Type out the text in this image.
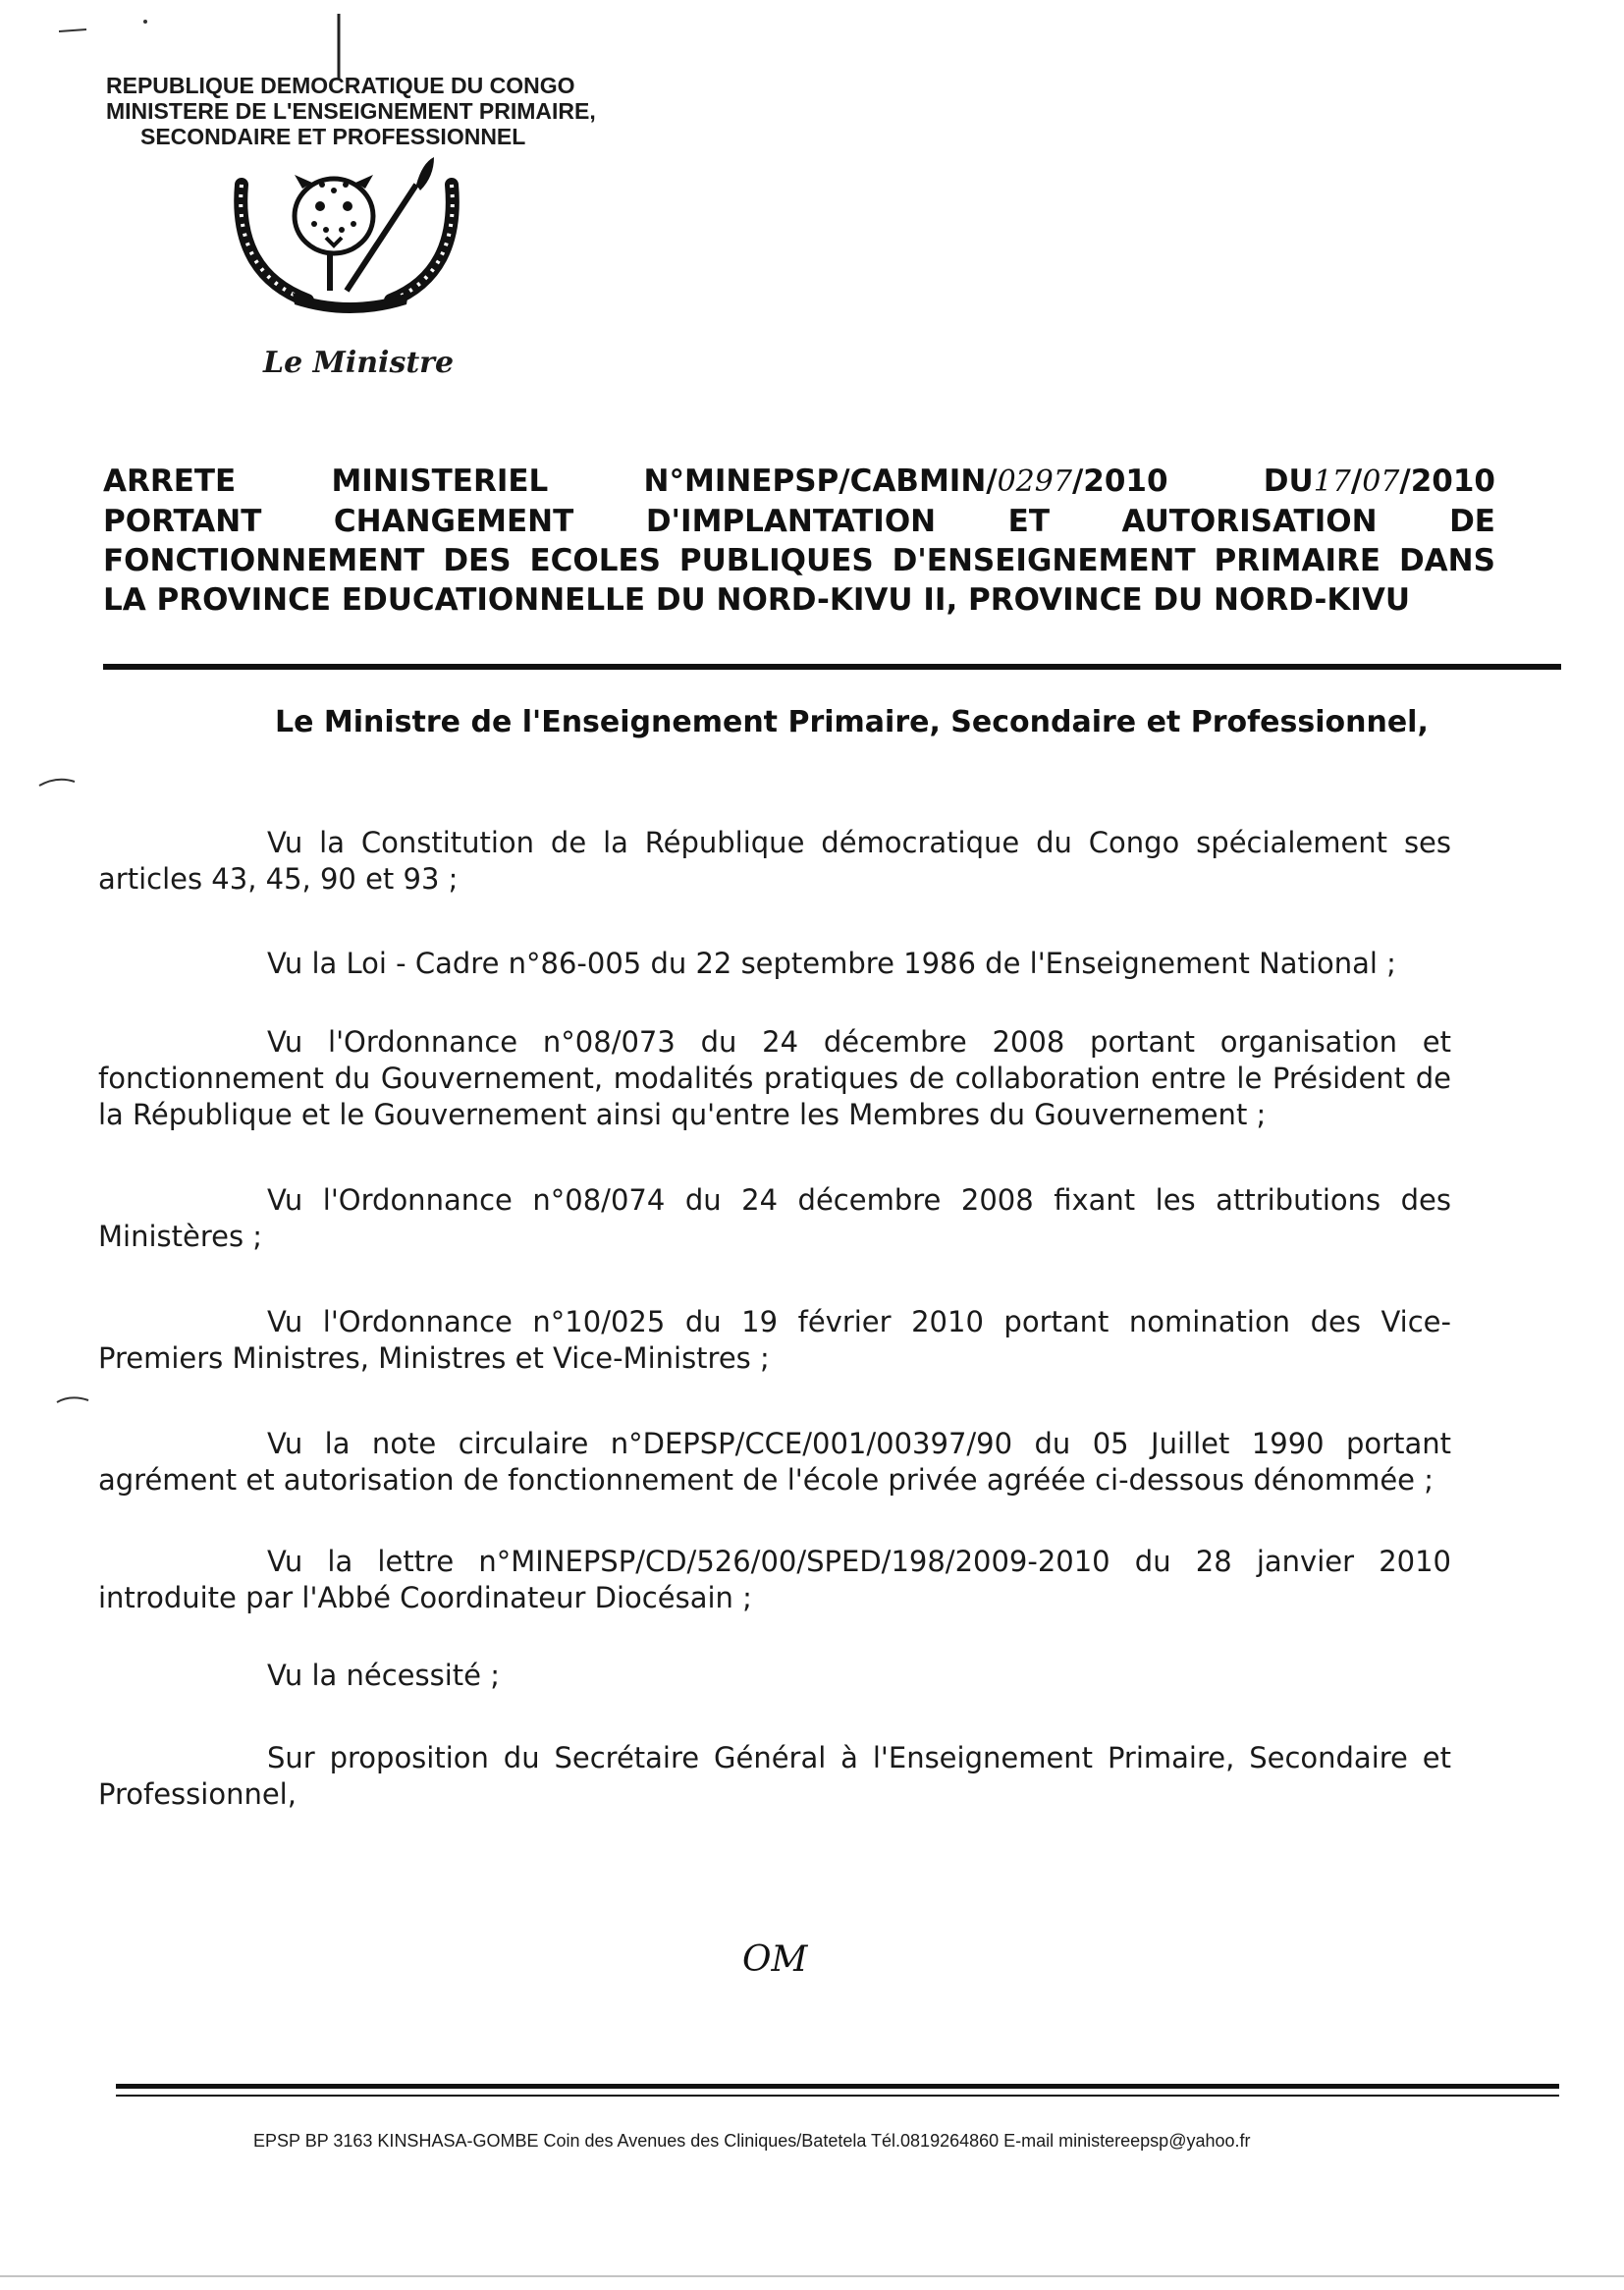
REPUBLIQUE DEMOCRATIQUE DU CONGO
MINISTERE DE L'ENSEIGNEMENT PRIMAIRE,
SECONDAIRE ET PROFESSIONNEL
Le Ministre
ARRETE	MINISTERIEL	N°MINEPSP/CABMIN/0297/2010	DU17/07/2010
PORTANT CHANGEMENT D'IMPLANTATION ET AUTORISATION DE
FONCTIONNEMENT DES ECOLES PUBLIQUES D'ENSEIGNEMENT PRIMAIRE DANS
LA PROVINCE EDUCATIONNELLE DU NORD-KIVU II, PROVINCE DU NORD-KIVU
Le Ministre de l'Enseignement Primaire, Secondaire et Professionnel,

Vu la Constitution de la République démocratique du Congo spécialement ses articles 43, 45, 90 et 93 ;

Vu la Loi - Cadre n°86-005 du 22 septembre 1986 de l'Enseignement National ;

Vu l'Ordonnance n°08/073 du 24 décembre 2008 portant organisation et fonctionnement du Gouvernement, modalités pratiques de collaboration entre le Président de la République et le Gouvernement ainsi qu'entre les Membres du Gouvernement ;

Vu l'Ordonnance n°08/074 du 24 décembre 2008 fixant les attributions des Ministères ;

Vu l'Ordonnance n°10/025 du 19 février 2010 portant nomination des Vice-Premiers Ministres, Ministres et Vice-Ministres ;

Vu la note circulaire n°DEPSP/CCE/001/00397/90 du 05 Juillet 1990 portant agrément et autorisation de fonctionnement de l'école privée agréée ci-dessous dénommée ;

Vu la lettre n°MINEPSP/CD/526/00/SPED/198/2009-2010 du 28 janvier 2010 introduite par l'Abbé Coordinateur Diocésain ;

Vu la nécessité ;

Sur proposition du Secrétaire Général à l'Enseignement Primaire, Secondaire et Professionnel,

OM
EPSP BP 3163 KINSHASA-GOMBE Coin des Avenues des Cliniques/Batetela Tél.0819264860 E-mail ministereepsp@yahoo.fr
